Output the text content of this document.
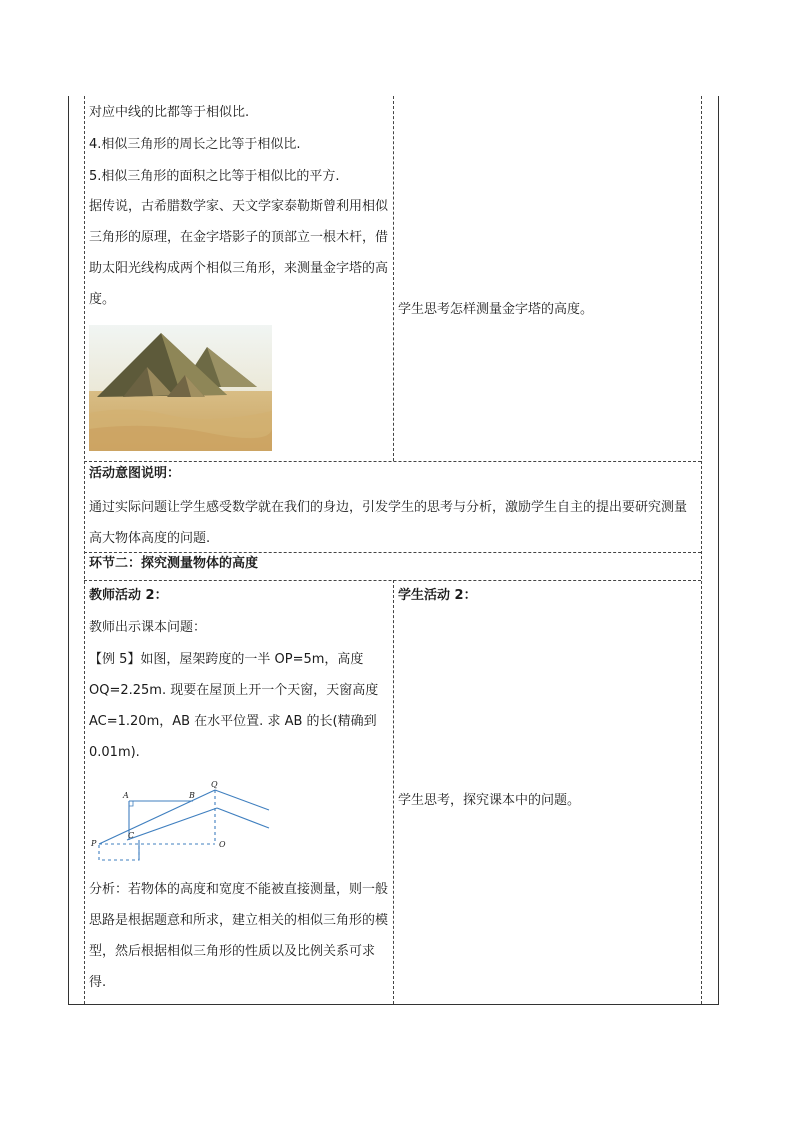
对应中线的比都等于相似比.
4.相似三角形的周长之比等于相似比.
5.相似三角形的面积之比等于相似比的平方.
据传说，古希腊数学家、天文学家泰勒斯曾利用相似三角形的原理，在金字塔影子的顶部立一根木杆，借助太阳光线构成两个相似三角形，来测量金字塔的高度。
学生思考怎样测量金字塔的高度。
活动意图说明：
通过实际问题让学生感受数学就在我们的身边，引发学生的思考与分析，激励学生自主的提出要研究测量高大物体高度的问题.
环节二：探究测量物体的高度
教师活动 2：
教师出示课本问题：
【例 5】如图，屋架跨度的一半 OP=5m，高度 OQ=2.25m. 现要在屋顶上开一个天窗，天窗高度 AC=1.20m，AB 在水平位置. 求 AB 的长(精确到 0.01m).
A	B
Q
C
P	O
分析：若物体的高度和宽度不能被直接测量，则一般思路是根据题意和所求，建立相关的相似三角形的模型，然后根据相似三角形的性质以及比例关系可求得.
学生活动 2：
学生思考，探究课本中的问题。
